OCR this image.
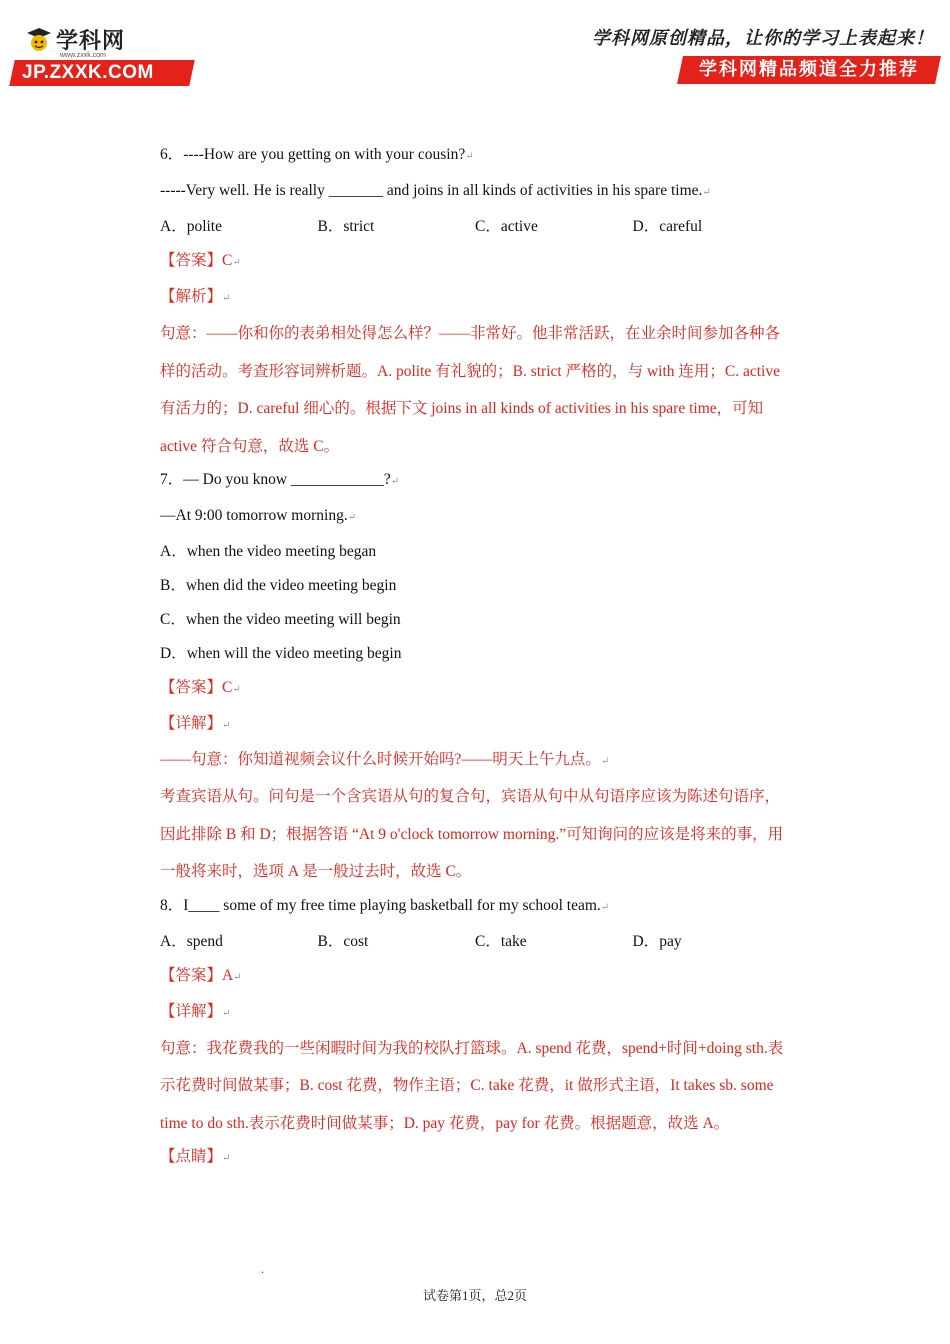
学科网
www.zxxk.com
JP.ZXXK.COM
学科网原创精品，让你的学习上表起来！
学科网精品频道全力推荐
6．----How are you getting on with your cousin?↵
-----Very well. He is really _______ and joins in all kinds of activities in his spare time.↵
A．polite	B．strict	C．active	D．careful
【答案】C↵
【解析】↵
句意：——你和你的表弟相处得怎么样？——非常好。他非常活跃，在业余时间参加各种各样的活动。考查形容词辨析题。A. polite 有礼貌的；B. strict 严格的，与 with 连用；C. active 有活力的；D. careful 细心的。根据下文 joins in all kinds of activities in his spare time，可知 active 符合句意，故选 C。
7．— Do you know ____________?↵
—At 9:00 tomorrow morning.↵
A．when the video meeting began
B．when did the video meeting begin
C．when the video meeting will begin
D．when will the video meeting begin
【答案】C↵
【详解】↵
——句意：你知道视频会议什么时候开始吗?——明天上午九点。↵
考查宾语从句。问句是一个含宾语从句的复合句，宾语从句中从句语序应该为陈述句语序，因此排除 B 和 D；根据答语 “At 9 o'clock tomorrow morning.”可知询问的应该是将来的事，用一般将来时，选项 A 是一般过去时，故选 C。
8．I____ some of my free time playing basketball for my school team.↵
A．spend	B．cost	C．take	D．pay
【答案】A↵
【详解】↵
句意：我花费我的一些闲暇时间为我的校队打篮球。A. spend 花费，spend+时间+doing sth.表示花费时间做某事；B. cost 花费，物作主语；C. take 花费，it 做形式主语，It takes sb. some time to do sth.表示花费时间做某事；D. pay 花费，pay for 花费。根据题意，故选 A。
【点睛】↵
.
试卷第1页，总2页
